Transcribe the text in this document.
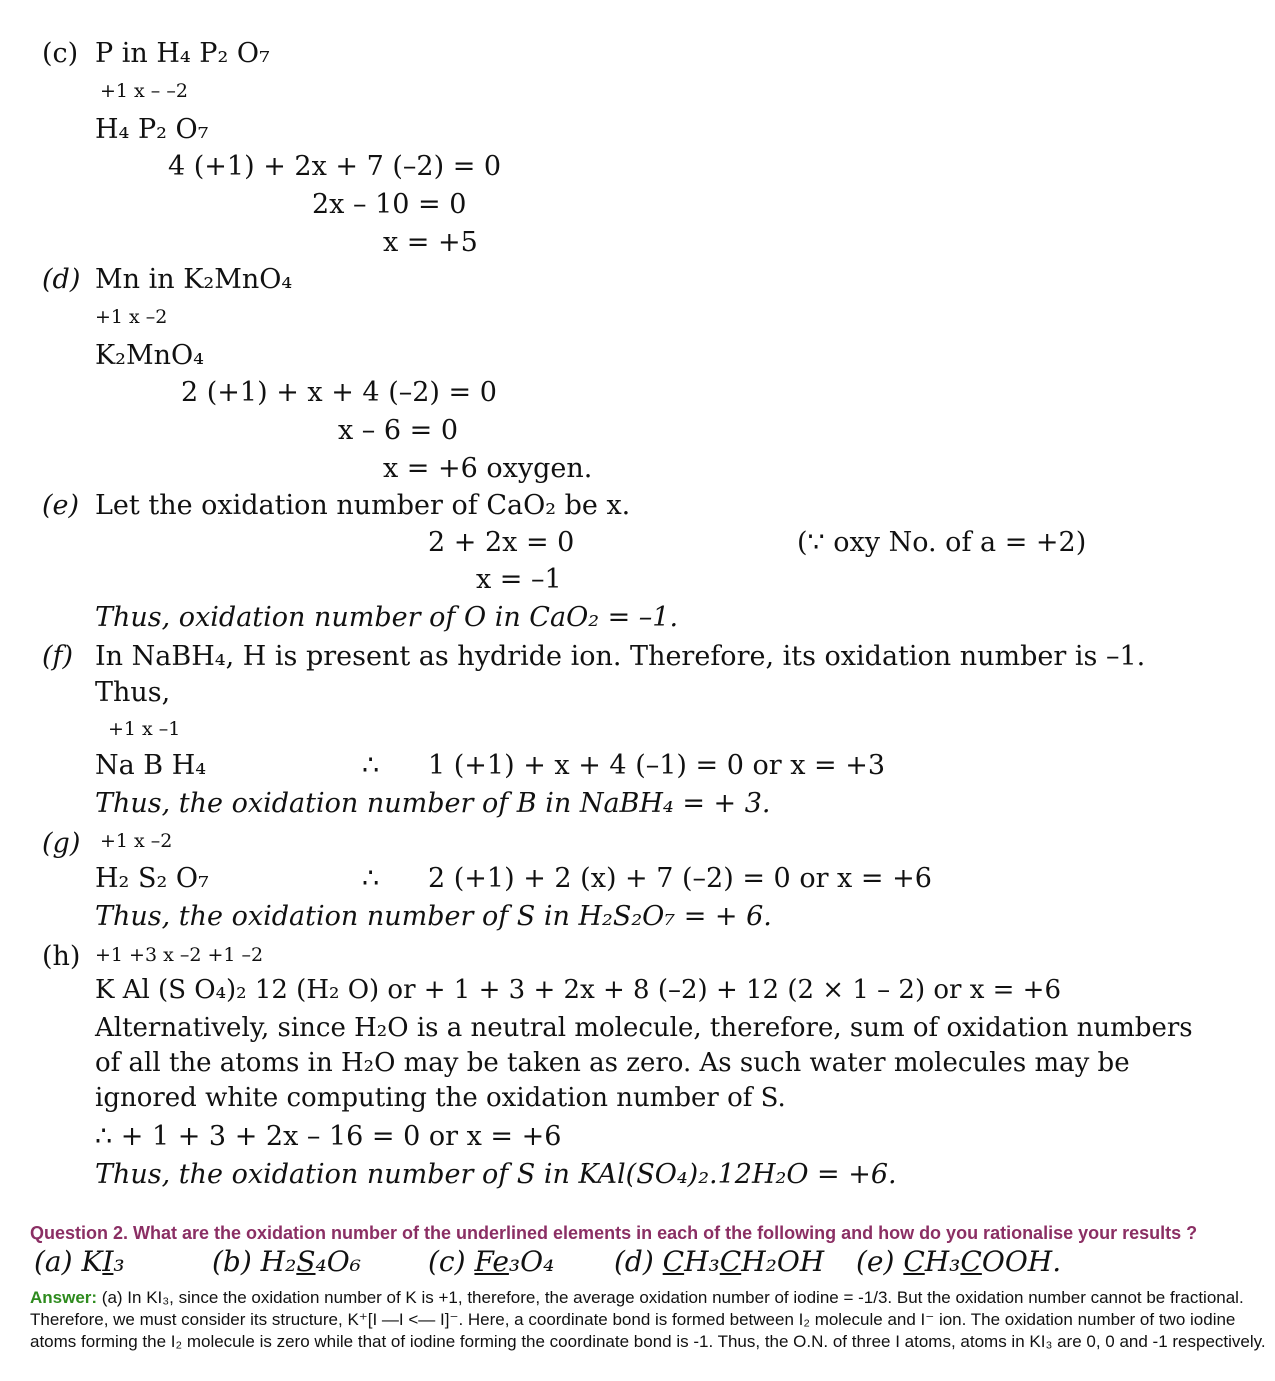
(c) P in H₄ P₂ O₇
+1 x – –2
H₄ P₂ O₇
4 (+1) + 2x + 7 (–2) = 0
2x – 10 = 0
x = +5
(d) Mn in K₂MnO₄
+1 x –2
K₂MnO₄
2 (+1) + x + 4 (–2) = 0
x – 6 = 0
x = +6 oxygen.
(e) Let the oxidation number of CaO₂ be x.
2 + 2x = 0	(∵ oxy No. of a = +2)
x = –1
Thus, oxidation number of O in CaO₂ = –1.
(f) In NaBH₄, H is present as hydride ion. Therefore, its oxidation number is –1.
Thus,
+1 x –1
Na B H₄	∴ 1 (+1) + x + 4 (–1) = 0 or x = +3
Thus, the oxidation number of B in NaBH₄ = + 3.
(g) +1 x –2
H₂ S₂ O₇	∴ 2 (+1) + 2 (x) + 7 (–2) = 0 or x = +6
Thus, the oxidation number of S in H₂S₂O₇ = + 6.
(h) +1 +3 x –2 +1 –2
K Al (S O₄)₂ 12 (H₂ O) or + 1 + 3 + 2x + 8 (–2) + 12 (2 × 1 – 2) or x = +6
Alternatively, since H₂O is a neutral molecule, therefore, sum of oxidation numbers
of all the atoms in H₂O may be taken as zero. As such water molecules may be
ignored white computing the oxidation number of S.
∴ + 1 + 3 + 2x – 16 = 0 or x = +6
Thus, the oxidation number of S in KAl(SO₄)₂.12H₂O = +6.
Question 2. What are the oxidation number of the underlined elements in each of the following and how do you rationalise your results ?
(a) KI₃	(b) H₂S₄O₆ (c) Fe₃O₄ (d) CH₃CH₂OH (e) CH₃COOH.
Answer: (a) In KI₃, since the oxidation number of K is +1, therefore, the average oxidation number of iodine = -1/3. But the oxidation number cannot be fractional. Therefore, we must consider its structure, K⁺[I —I <— I]⁻. Here, a coordinate bond is formed between I₂ molecule and I⁻ ion. The oxidation number of two iodine atoms forming the I₂ molecule is zero while that of iodine forming the coordinate bond is -1. Thus, the O.N. of three I atoms, atoms in KI₃ are 0, 0 and -1 respectively.
